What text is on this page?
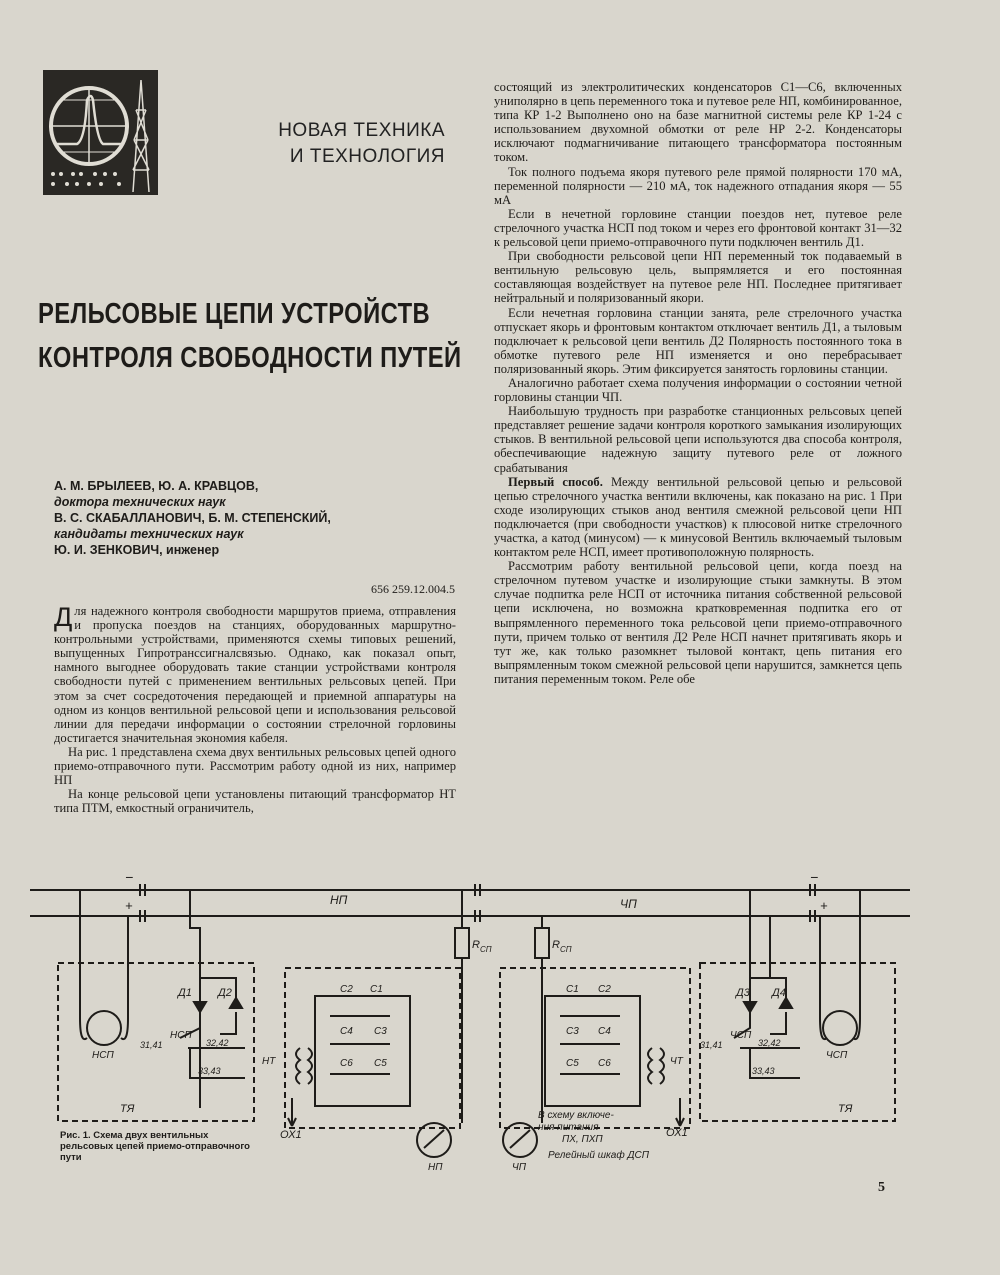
НОВАЯ ТЕХНИКА
И ТЕХНОЛОГИЯ
РЕЛЬСОВЫЕ ЦЕПИ УСТРОЙСТВ
КОНТРОЛЯ СВОБОДНОСТИ ПУТЕЙ
А. М. БРЫЛЕЕВ, Ю. А. КРАВЦОВ,
доктора технических наук
В. С. СКАБАЛЛАНОВИЧ, Б. М. СТЕПЕНСКИЙ,
кандидаты технических наук
Ю. И. ЗЕНКОВИЧ, инженер
656 259.12.004.5

Для надежного контроля свободности маршрутов приема, отправления и пропуска поездов на станциях, оборудованных маршрутно-контрольными устройствами, применяются схемы типовых решений, выпущенных Гипротранссигналсвязью. Однако, как показал опыт, намного выгоднее оборудовать такие станции устройствами контроля свободности путей с применением вентильных рельсовых цепей. При этом за счет сосредоточения передающей и приемной аппаратуры на одном из концов вентильной рельсовой цепи и использования рельсовой линии для передачи информации о состоянии стрелочной горловины достигается значительная экономия кабеля.

На рис. 1 представлена схема двух вентильных рельсовых цепей одного приемо-отправочного пути. Рассмотрим работу одной из них, например НП

На конце рельсовой цепи установлены питающий трансформатор НТ типа ПТМ, емкостный ограничитель,

состоящий из электролитических конденсаторов С1—С6, включенных униполярно в цепь переменного тока и путевое реле НП, комбинированное, типа КР 1-2 Выполнено оно на базе магнитной системы реле КР 1-24 с использованием двухомной обмотки от реле НР 2-2. Конденсаторы исключают подмагничивание питающего трансформатора постоянным током.

Ток полного подъема якоря путевого реле прямой полярности 170 мА, переменной полярности — 210 мА, ток надежного отпадания якоря — 55 мА

Если в нечетной горловине станции поездов нет, путевое реле стрелочного участка НСП под током и через его фронтовой контакт 31—32 к рельсовой цепи приемо-отправочного пути подключен вентиль Д1.

При свободности рельсовой цепи НП переменный ток подаваемый в вентильную рельсовую цель, выпрямляется и его постоянная составляющая воздействует на путевое реле НП. Последнее притягивает нейтральный и поляризованный якори.

Если нечетная горловина станции занята, реле стрелочного участка отпускает якорь и фронтовым контактом отключает вентиль Д1, а тыловым подключает к рельсовой цепи вентиль Д2 Полярность постоянного тока в обмотке путевого реле НП изменяется и оно перебрасывает поляризованный якорь. Этим фиксируется занятость горловины станции.

Аналогично работает схема получения информации о состоянии четной горловины станции ЧП.

Наибольшую трудность при разработке станционных рельсовых цепей представляет решение задачи контроля короткого замыкания изолирующих стыков. В вентильной рельсовой цепи используются два способа контроля, обеспечивающие надежную защиту путевого реле от ложного срабатывания

Первый способ. Между вентильной рельсовой цепью и рельсовой цепью стрелочного участка вентили включены, как показано на рис. 1 При сходе изолирующих стыков анод вентиля смежной рельсовой цепи НП подключается (при свободности участков) к плюсовой нитке стрелочного участка, а катод (минусом) — к минусовой Вентиль включаемый тыловым контактом реле НСП, имеет противоположную полярность.

Рассмотрим работу вентильной рельсовой цепи, когда поезд на стрелочном путевом участке и изолирующие стыки замкнуты. В этом случае подпитка реле НСП от источника питания собственной рельсовой цепи исключена, но возможна кратковременная подпитка его от выпрямленного переменного тока рельсовой цепи приемо-отправочного пути, причем только от вентиля Д2 Реле НСП начнет притягивать якорь и тут же, как только разомкнет тыловой контакт, цепь питания его выпрямленным током смежной рельсовой цепи нарушится, замкнется цепь питания переменным током. Реле обе

−
+
−
+
НП	ЧП
R СП	R СП
Д1 Д2	Д3 Д4
НСП
НСП	ЧСП
ЧСП
С2 С1
С4 С3
С6 С5
С1 С2
С3 С4
С5 С6
НТ	ЧТ
ОХ1	ОХ1
ТЯ	ТЯ
31,41	32,42
33,43
31,41	32,42
33,43
НП	ЧП
В схему включе-
ния питания
ПХ, ПХП
Релейный шкаф ДСП
Рис. 1. Схема двух вентильных рельсовых цепей приемо-отправочного пути
5
